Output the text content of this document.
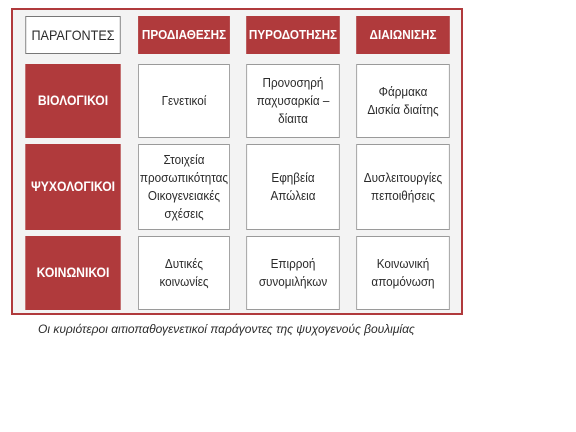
ΠΑΡΑΓΟΝΤΕΣ ΠΡΟΔΙΑΘΕΣΗΣ ΠΥΡΟΔΟΤΗΣΗΣ ΔΙΑΙΩΝΙΣΗΣ
ΒΙΟΛΟΓΙΚΟΙ	Γενετικοί
Προνοσηρή
παχυσαρκία –
δίαιτα
Φάρμακα
Δισκία διαίτης
ΨΥΧΟΛΟΓΙΚΟΙ
Στοιχεία
προσωπικότητας
Οικογενειακές
σχέσεις
Εφηβεία
Απώλεια
Δυσλειτουργίες
πεποιθήσεις
ΚΟΙΝΩΝΙΚΟΙ
Δυτικές
κοινωνίες
Επιρροή
συνομιλήκων
Κοινωνική
απομόνωση
Οι κυριότεροι αιτιοπαθογενετικοί παράγοντες της ψυχογενούς βουλιμίας
